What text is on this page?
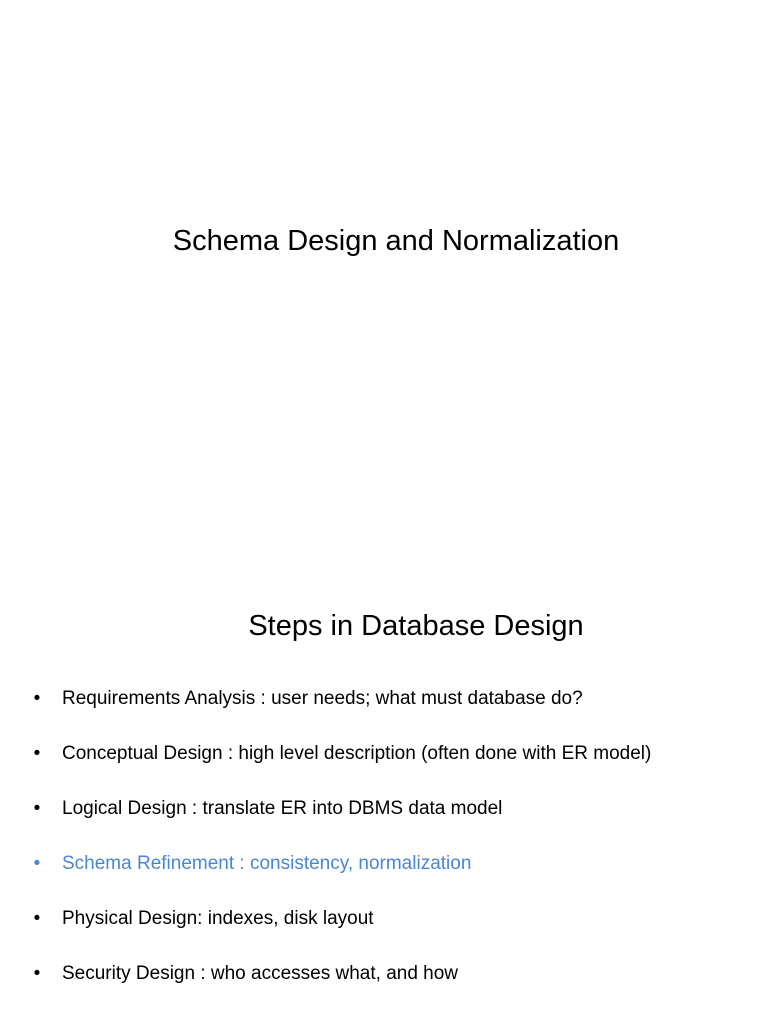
Schema Design and Normalization
Steps in Database Design
• Requirements Analysis : user needs; what must database do?
• Conceptual Design : high level description (often done with ER model)
• Logical Design : translate ER into DBMS data model
• Schema Refinement : consistency, normalization
• Physical Design: indexes, disk layout
• Security Design : who accesses what, and how
